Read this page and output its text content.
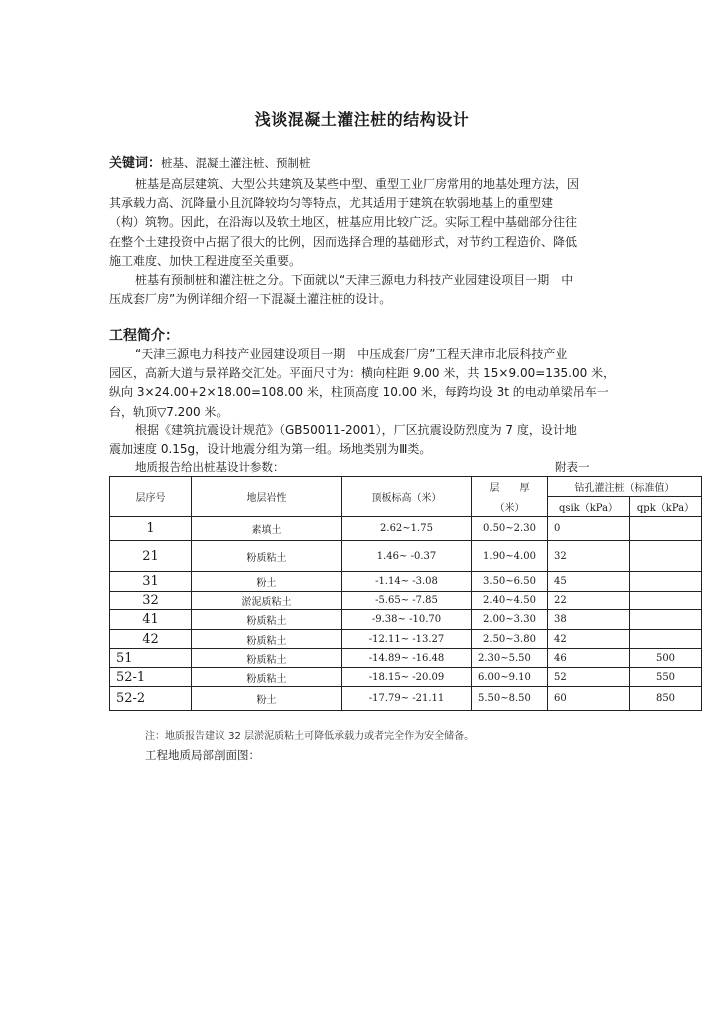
浅谈混凝土灌注桩的结构设计
关键词：桩基、混凝土灌注桩、预制桩
桩基是高层建筑、大型公共建筑及某些中型、重型工业厂房常用的地基处理方法，因
其承载力高、沉降量小且沉降较均匀等特点，尤其适用于建筑在软弱地基上的重型建
（构）筑物。因此，在沿海以及软土地区，桩基应用比较广泛。实际工程中基础部分往往
在整个土建投资中占据了很大的比例，因而选择合理的基础形式，对节约工程造价、降低
施工难度、加快工程进度至关重要。
桩基有预制桩和灌注桩之分。下面就以“天津三源电力科技产业园建设项目一期　中
压成套厂房”为例详细介绍一下混凝土灌注桩的设计。
工程简介：
“天津三源电力科技产业园建设项目一期　中压成套厂房”工程天津市北辰科技产业
园区，高新大道与景祥路交汇处。平面尺寸为：横向柱距 9.00 米，共 15×9.00=135.00 米，
纵向 3×24.00+2×18.00=108.00 米，柱顶高度 10.00 米，每跨均设 3t 的电动单梁吊车一
台，轨顶▽7.200 米。
根据《建筑抗震设计规范》（GB50011-2001），厂区抗震设防烈度为 7 度，设计地
震加速度 0.15g，设计地震分组为第一组。场地类别为Ⅲ类。
地质报告给出桩基设计参数：	附表一
层序号	地层岩性	顶板标高（米）	层　　厚	钻孔灌注桩（标准值）	
			（米）	qsik（kPa）	qpk（kPa）
1	素填土	2.62~1.75	0.50~2.30	0	
21	粉质粘土	1.46~ -0.37	1.90~4.00	32	
31	粉土	-1.14~ -3.08	3.50~6.50	45	
32	淤泥质粘土	-5.65~ -7.85	2.40~4.50	22	
41	粉质粘土	-9.38~ -10.70	2.00~3.30	38	
42	粉质粘土	-12.11~ -13.27	2.50~3.80	42	
51	粉质粘土	-14.89~ -16.48	2.30~5.50	46	500
52-1	粉质粘土	-18.15~ -20.09	6.00~9.10	52	550
52-2	粉土	-17.79~ -21.11	5.50~8.50	60	850
注：地质报告建议 32 层淤泥质粘土可降低承载力或者完全作为安全储备。
工程地质局部剖面图：
